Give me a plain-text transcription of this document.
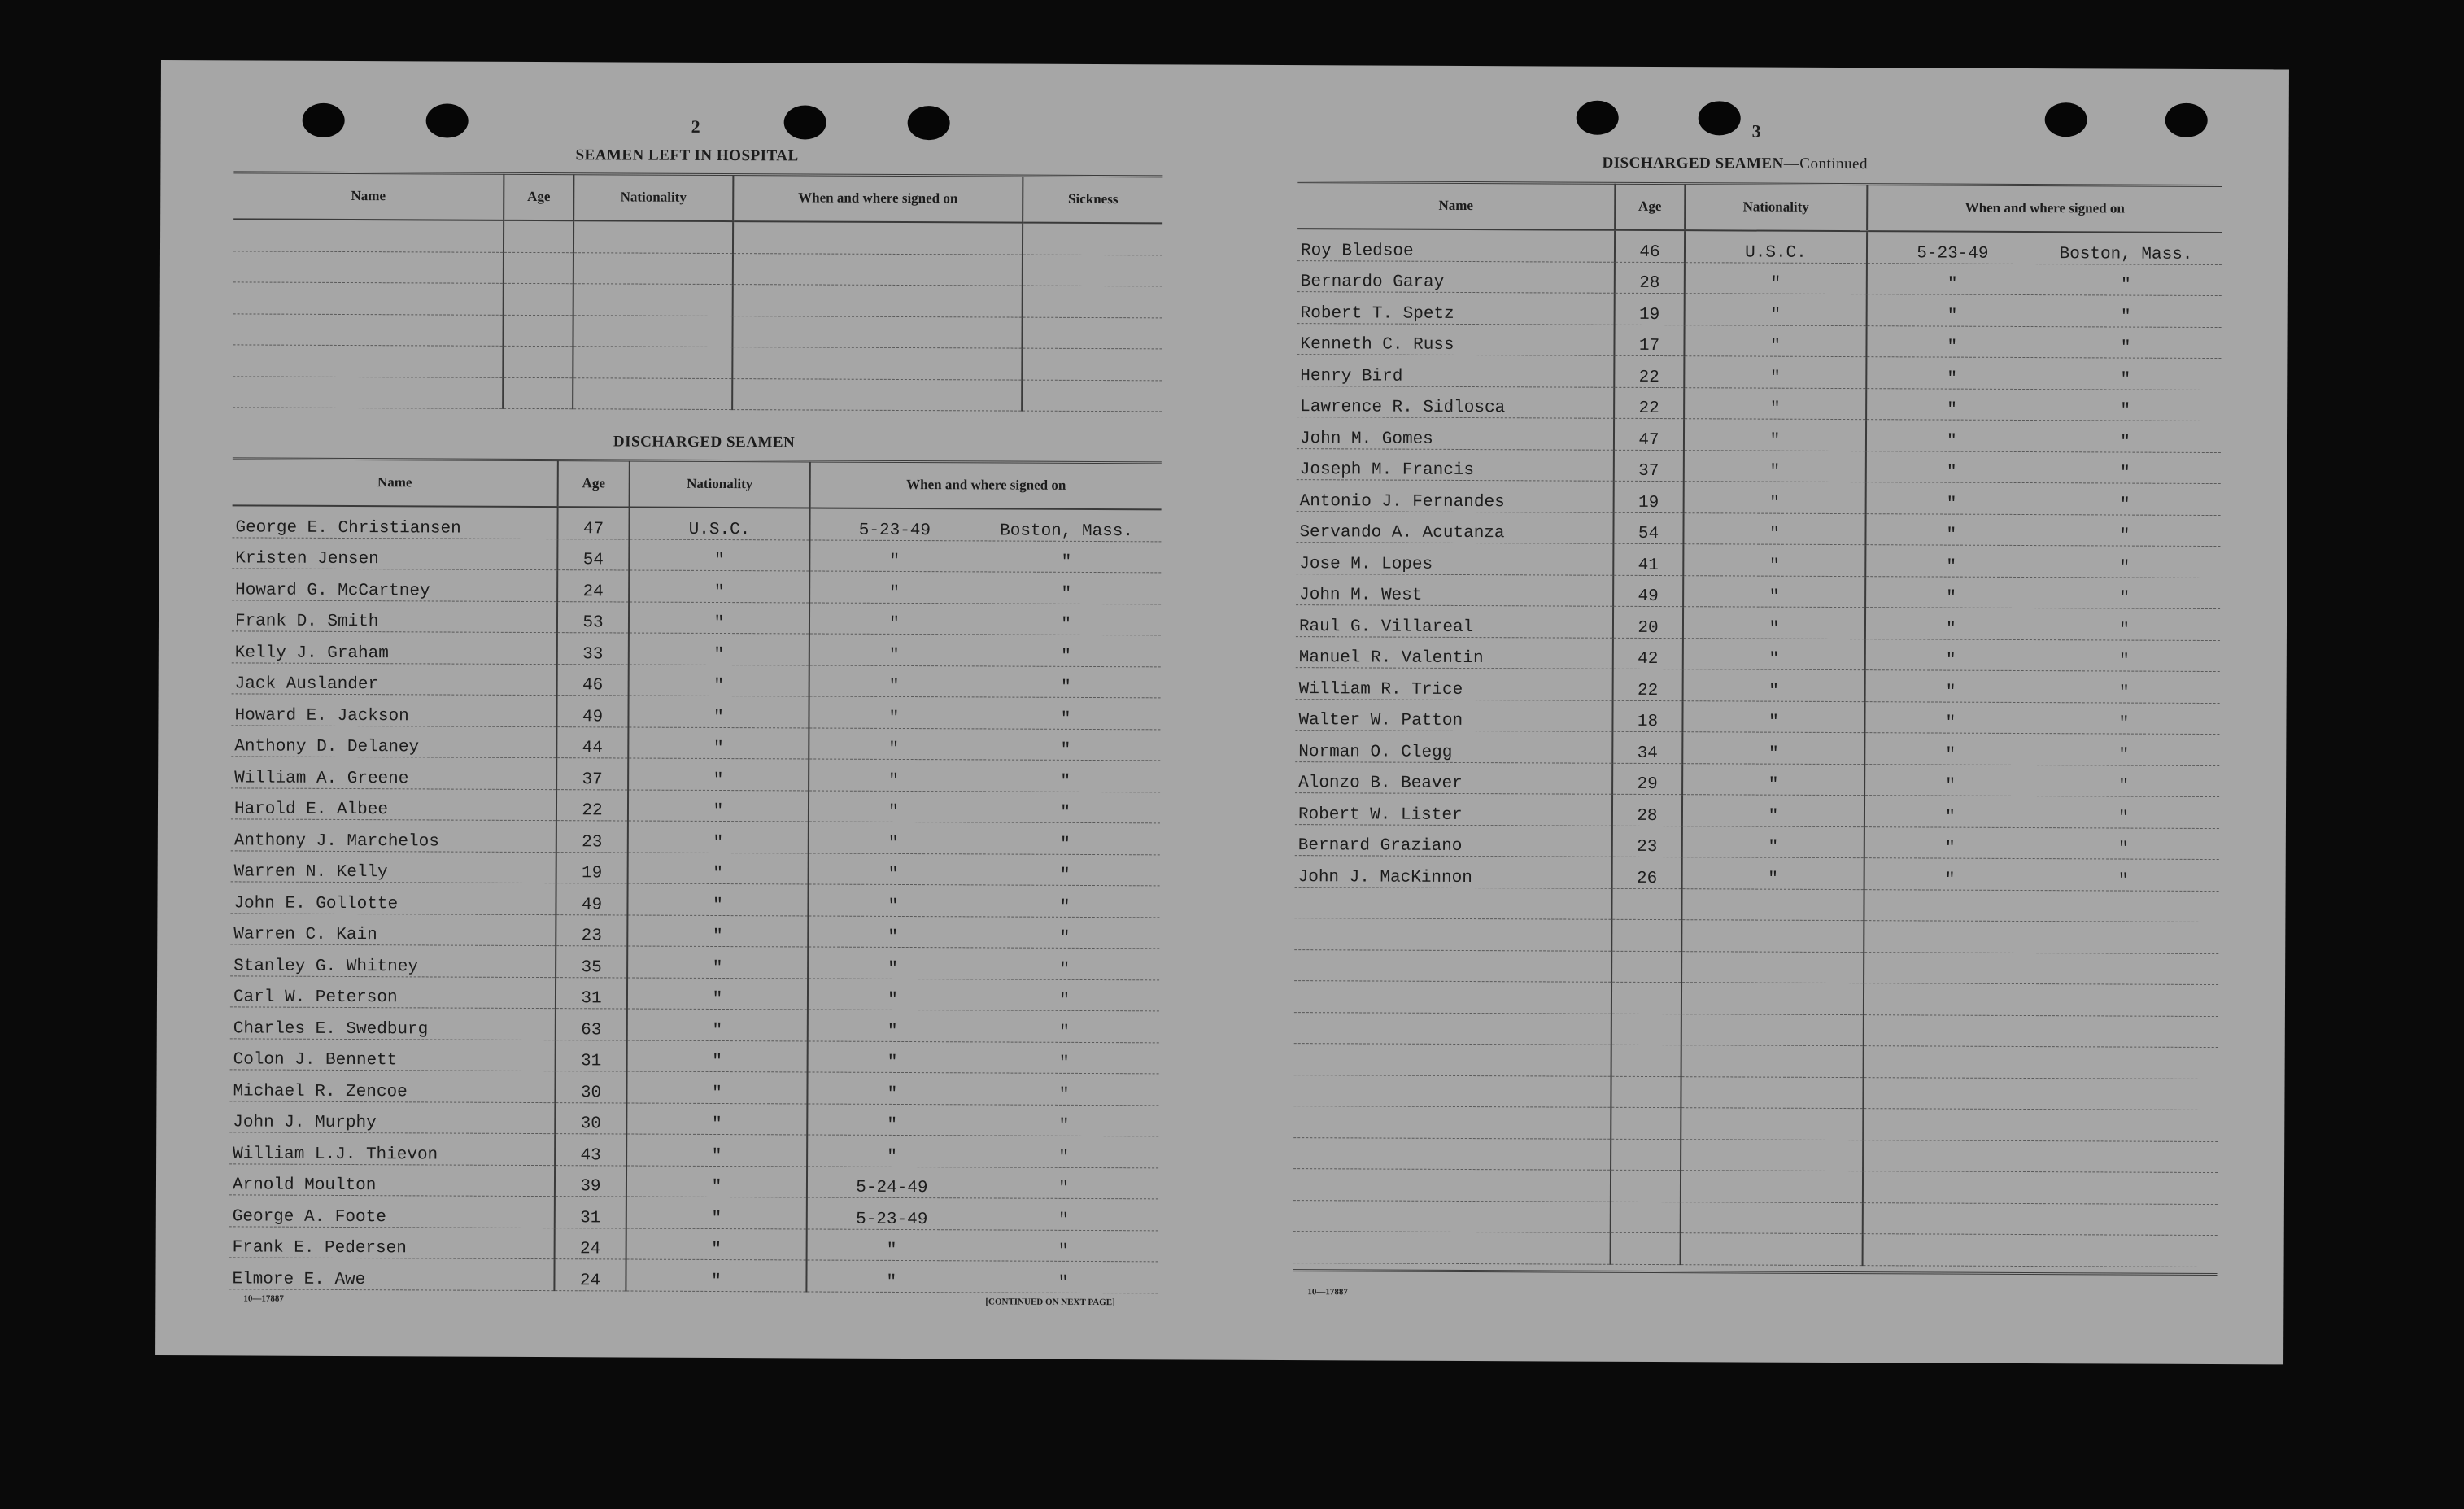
2
SEAMEN LEFT IN HOSPITAL
Name	Age	Nationality	When and where signed on	Sickness

DISCHARGED SEAMEN
Name	Age	Nationality	When and where signed on
George E. Christiansen	47	U.S.C.	5-23-49 Boston, Mass.
Kristen Jensen	54	"	" "
Howard G. McCartney	24	"	" "
Frank D. Smith	53	"	" "
Kelly J. Graham	33	"	" "
Jack Auslander	46	"	" "
Howard E. Jackson	49	"	" "
Anthony D. Delaney	44	"	" "
William A. Greene	37	"	" "
Harold E. Albee	22	"	" "
Anthony J. Marchelos	23	"	" "
Warren N. Kelly	19	"	" "
John E. Gollotte	49	"	" "
Warren C. Kain	23	"	" "
Stanley G. Whitney	35	"	" "
Carl W. Peterson	31	"	" "
Charles E. Swedburg	63	"	" "
Colon J. Bennett	31	"	" "
Michael R. Zencoe	30	"	" "
John J. Murphy	30	"	" "
William L.J. Thievon	43	"	" "
Arnold Moulton	39	"	5-24-49 "
George A. Foote	31	"	5-23-49 "
Frank E. Pedersen	24	"	" "
Elmore E. Awe	24	"	" "
10—17887	[CONTINUED ON NEXT PAGE]
3
DISCHARGED SEAMEN—Continued
Name	Age	Nationality	When and where signed on
Roy Bledsoe	46	U.S.C.	5-23-49 Boston, Mass.
Bernardo Garay	28	"	" "
Robert T. Spetz	19	"	" "
Kenneth C. Russ	17	"	" "
Henry Bird	22	"	" "
Lawrence R. Sidlosca	22	"	" "
John M. Gomes	47	"	" "
Joseph M. Francis	37	"	" "
Antonio J. Fernandes	19	"	" "
Servando A. Acutanza	54	"	" "
Jose M. Lopes	41	"	" "
John M. West	49	"	" "
Raul G. Villareal	20	"	" "
Manuel R. Valentin	42	"	" "
William R. Trice	22	"	" "
Walter W. Patton	18	"	" "
Norman O. Clegg	34	"	" "
Alonzo B. Beaver	29	"	" "
Robert W. Lister	28	"	" "
Bernard Graziano	23	"	" "
John J. MacKinnon	26	"	" "

10—17887
